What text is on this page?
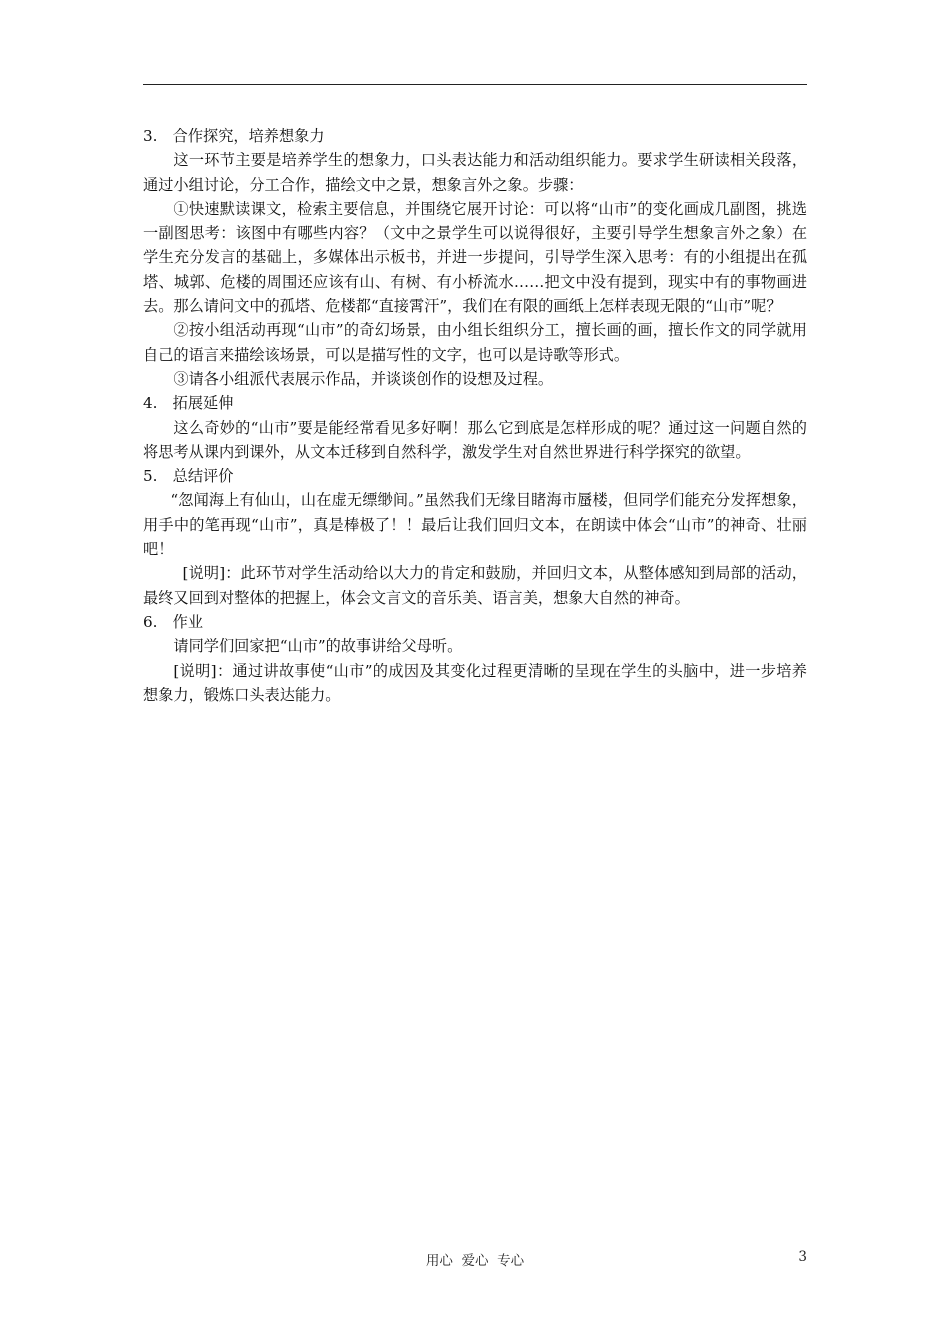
3.　合作探究，培养想象力

这一环节主要是培养学生的想象力，口头表达能力和活动组织能力。要求学生研读相关段落，通过小组讨论，分工合作，描绘文中之景，想象言外之象。步骤：

①快速默读课文，检索主要信息，并围绕它展开讨论：可以将“山市”的变化画成几副图，挑选一副图思考：该图中有哪些内容？（文中之景学生可以说得很好，主要引导学生想象言外之象）在学生充分发言的基础上，多媒体出示板书，并进一步提问，引导学生深入思考：有的小组提出在孤塔、城郭、危楼的周围还应该有山、有树、有小桥流水……把文中没有提到，现实中有的事物画进去。那么请问文中的孤塔、危楼都“直接霄汗”，我们在有限的画纸上怎样表现无限的“山市”呢？

②按小组活动再现“山市”的奇幻场景，由小组长组织分工，擅长画的画，擅长作文的同学就用自己的语言来描绘该场景，可以是描写性的文字，也可以是诗歌等形式。

③请各小组派代表展示作品，并谈谈创作的设想及过程。

4.　拓展延伸

这么奇妙的“山市”要是能经常看见多好啊！那么它到底是怎样形成的呢？通过这一问题自然的将思考从课内到课外，从文本迁移到自然科学，激发学生对自然世界进行科学探究的欲望。

5.　总结评价

“忽闻海上有仙山，山在虚无缥缈间。”虽然我们无缘目睹海市蜃楼，但同学们能充分发挥想象，用手中的笔再现“山市”，真是棒极了！！最后让我们回归文本，在朗读中体会“山市”的神奇、壮丽吧！

[说明]：此环节对学生活动给以大力的肯定和鼓励，并回归文本，从整体感知到局部的活动，最终又回到对整体的把握上，体会文言文的音乐美、语言美，想象大自然的神奇。

6.　作业

请同学们回家把“山市”的故事讲给父母听。

[说明]：通过讲故事使“山市”的成因及其变化过程更清晰的呈现在学生的头脑中，进一步培养想象力，锻炼口头表达能力。

用心  爱心  专心	3
